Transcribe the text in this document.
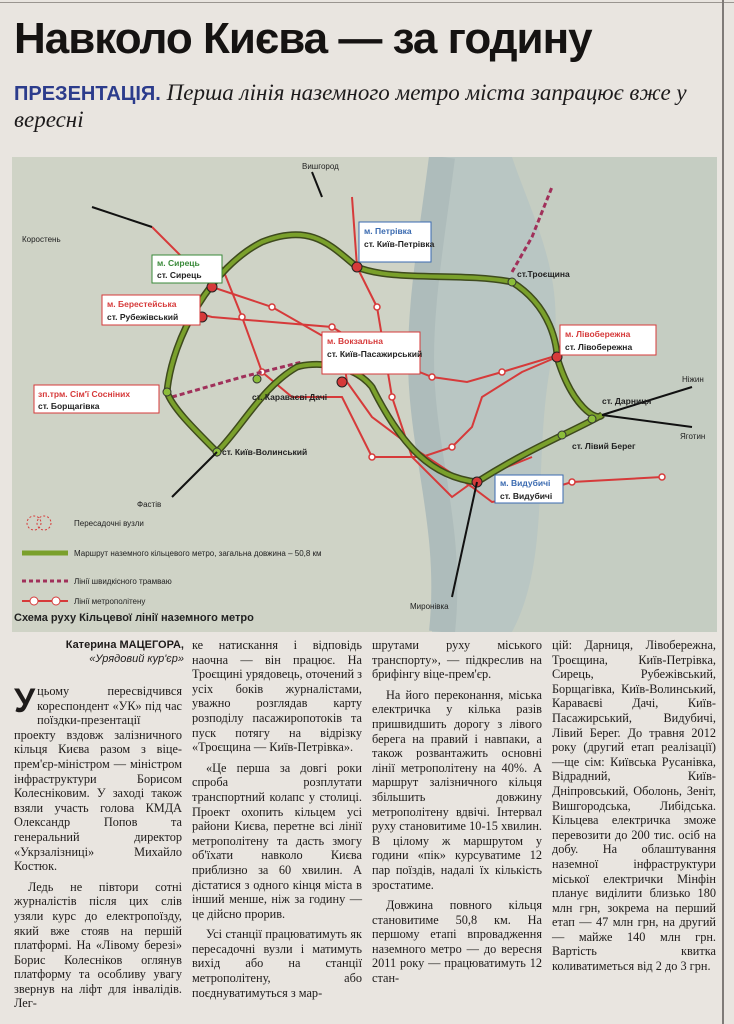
Навколо Києва — за годину
ПРЕЗЕНТАЦІЯ. Перша лінія наземного метро міста запрацює вже у вересні
Вишгород
Коростень
Ніжин
Яготин
Фастів
Миронівка
м. Петрівка
ст. Київ-Петрівка
м. Сирець
ст. Сирець
м. Берестейська
ст. Рубежівський
ст.Троєщина
м. Лівобережна
ст. Лівобережна
м. Вокзальна
ст. Київ-Пасажирський
зп.трм. Сім'ї Сосніних
ст. Борщагівка
ст. Караваєві Дачі	ст. Дарниця
ст. Лівий Берег
ст. Київ-Волинський
м. Видубичі
ст. Видубичі
Пересадочні вузли
Маршрут наземного кільцевого метро, загальна довжина – 50,8 км
Лінії швидкісного трамваю
Лінії метрополітену
Схема руху Кільцевої лінії наземного метро
Катерина МАЦЕГОРА,
«Урядовий кур'єр»

У цьому пересвідчився кореспондент «УК» під час поїздки-презентації проекту вздовж залізничного кільця Києва разом з віце-прем'єр-міністром — міністром інфраструктури Борисом Колесніковим. У заході також взяли участь голова КМДА Олександр Попов та генеральний директор «Укрзалізниці» Михайло Костюк.

Ледь не півтори сотні журналістів після цих слів узяли курс до електропоїзду, який вже стояв на першій платформі. На «Лівому березі» Борис Колесніков оглянув платформу та особливу увагу звернув на ліфт для інвалідів. Лег-

ке натискання і відповідь наочна — він працює. На Троєщині урядовець, оточений з усіх боків журналістами, уважно розглядав карту розподілу пасажиропотоків та пуск потягу на відрізку «Троєщина — Київ-Петрівка».

«Це перша за довгі роки спроба розплутати транспортний колапс у столиці. Проект охопить кільцем усі райони Києва, перетне всі лінії метрополітену та дасть змогу об'їхати навколо Києва приблизно за 60 хвилин. А дістатися з одного кінця міста в інший менше, ніж за годину — це дійсно прорив.

Усі станції працюватимуть як пересадочні вузли і матимуть вихід або на станції метрополітену, або поєднуватимуться з мар-

шрутами руху міського транспорту», — підкреслив на брифінгу віце-прем'єр.

На його переконання, міська електричка у кілька разів пришвидшить дорогу з лівого берега на правий і навпаки, а також розвантажить основні лінії метрополітену на 40%. А маршрут залізничного кільця збільшить довжину метрополітену вдвічі. Інтервал руху становитиме 10-15 хвилин. В цілому ж маршрутом у години «пік» курсуватиме 12 пар поїздів, надалі їх кількість зростатиме.

Довжина повного кільця становитиме 50,8 км. На першому етапі впровадження наземного метро — до вересня 2011 року — працюватимуть 12 стан-

цій: Дарниця, Лівобережна, Троєщина, Київ-Петрівка, Сирець, Рубежівський, Борщагівка, Київ-Волинський, Караваєві Дачі, Київ-Пасажирський, Видубичі, Лівий Берег. До травня 2012 року (другий етап реалізації) —ще сім: Київська Русанівка, Відрадний, Київ-Дніпровський, Оболонь, Зеніт, Вишгородська, Либідська. Кільцева електричка зможе перевозити до 200 тис. осіб на добу. На облаштування наземної інфраструктури міської електрички Мінфін планує виділити близько 180 млн грн, зокрема на перший етап — 47 млн грн, на другий — майже 140 млн грн. Вартість квитка коливатиметься від 2 до 3 грн.
